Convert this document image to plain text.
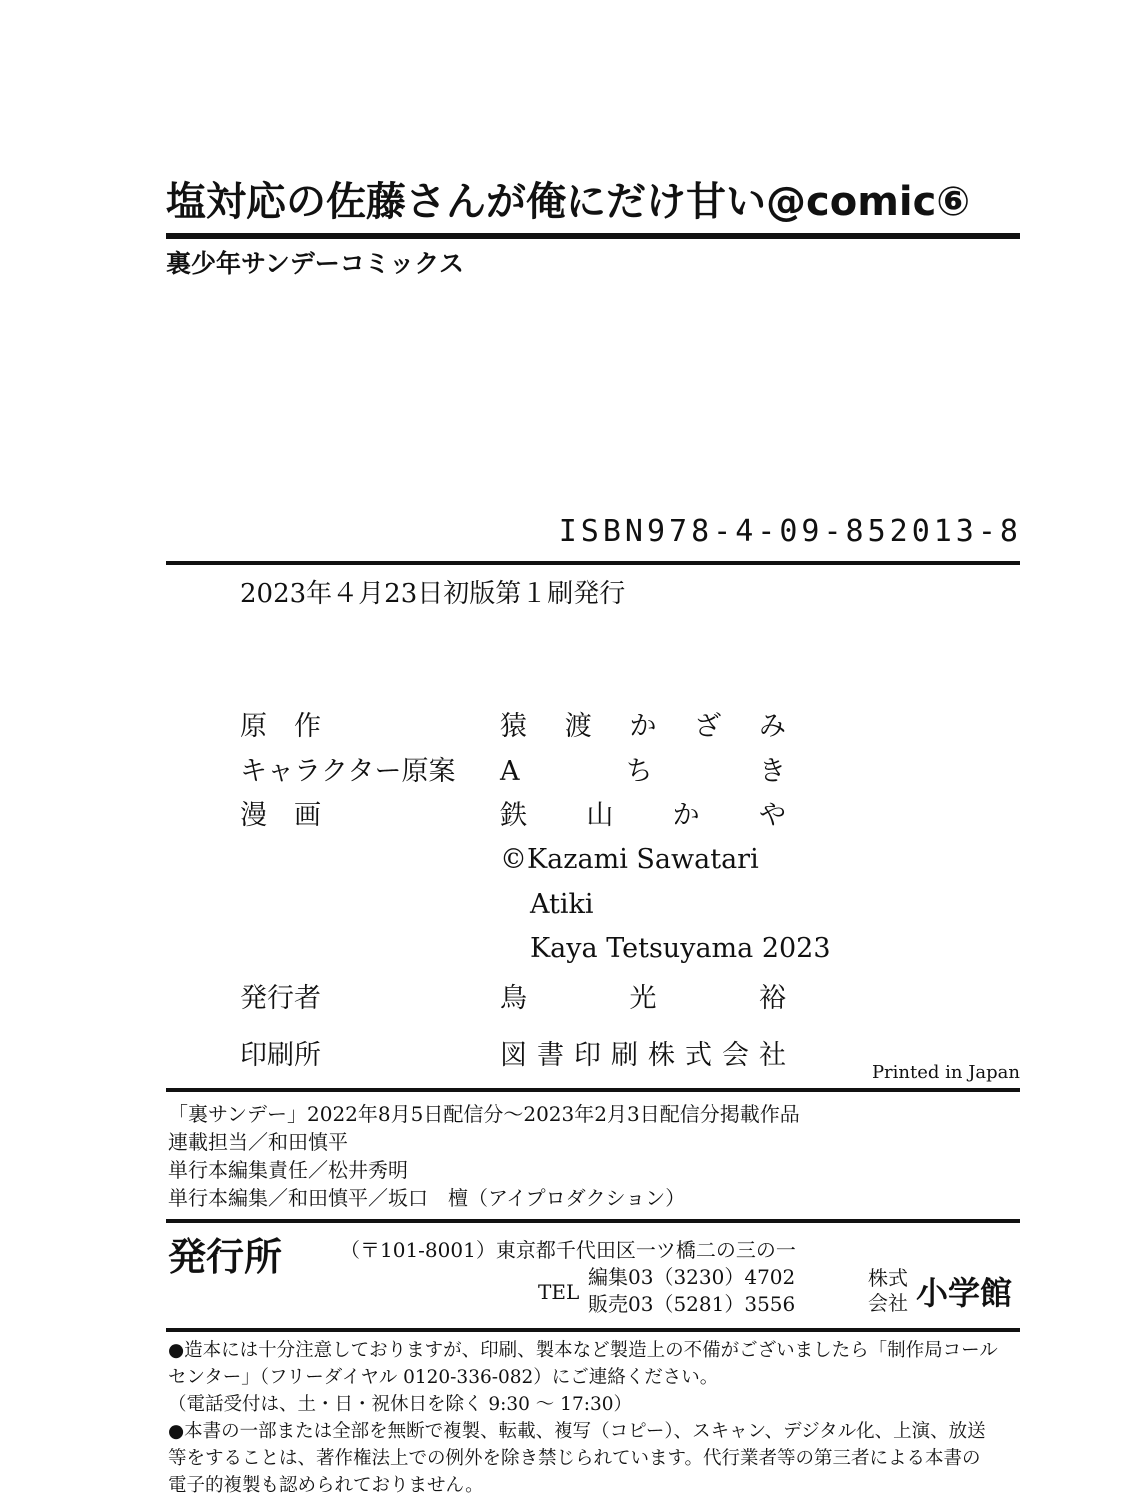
塩対応の佐藤さんが俺にだけ甘い@comic⑥
裏少年サンデーコミックス
ISBN978-4-09-852013-8
2023年４月23日初版第１刷発行
原　作	猿 渡 か ざ み
キャラクター原案 A	ち	き
漫　画	鉄 山 か や
©Kazami Sawatari
Atiki
Kaya Tetsuyama 2023
発行者	鳥	光	裕
印刷所	図 書 印 刷 株 式 会 社
Printed in Japan
「裏サンデー」2022年8月5日配信分〜2023年2月3日配信分掲載作品
連載担当／和田慎平
単行本編集責任／松井秀明
単行本編集／和田慎平／坂口　檀（アイプロダクション）
発行所	（〒101-8001）東京都千代田区一ツ橋二の三の一
TEL
編集03（3230）4702
販売03（5281）3556
株式
会社 小学館
●造本には十分注意しておりますが、印刷、製本など製造上の不備がございましたら「制作局コール
センター」（フリーダイヤル 0120-336-082）にご連絡ください。
（電話受付は、土・日・祝休日を除く 9:30 〜 17:30）
●本書の一部または全部を無断で複製、転載、複写（コピー）、スキャン、デジタル化、上演、放送
等をすることは、著作権法上での例外を除き禁じられています。代行業者等の第三者による本書の
電子的複製も認められておりません。
